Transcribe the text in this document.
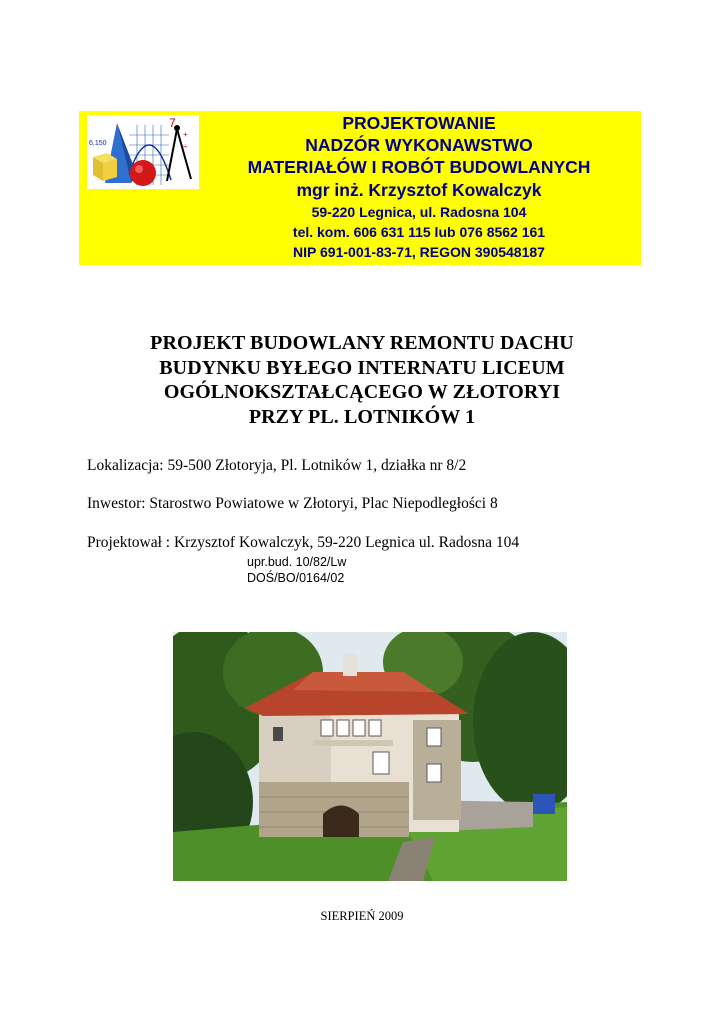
+
÷
7
6,150
PROJEKTOWANIE
NADZÓR WYKONAWSTWO
MATERIAŁÓW I ROBÓT BUDOWLANYCH
mgr inż. Krzysztof Kowalczyk
59-220 Legnica, ul. Radosna 104
tel. kom. 606 631 115 lub 076 8562 161
NIP 691-001-83-71, REGON 390548187
PROJEKT BUDOWLANY REMONTU DACHU
BUDYNKU BYŁEGO INTERNATU LICEUM
OGÓLNOKSZTAŁCĄCEGO W ZŁOTORYI
PRZY PL. LOTNIKÓW 1
Lokalizacja: 59-500 Złotoryja, Pl. Lotników 1, działka nr 8/2
Inwestor: Starostwo Powiatowe w Złotoryi, Plac Niepodległości 8
Projektował : Krzysztof Kowalczyk, 59-220 Legnica ul. Radosna 104
upr.bud. 10/82/Lw
DOŚ/BO/0164/02
SIERPIEŃ 2009
